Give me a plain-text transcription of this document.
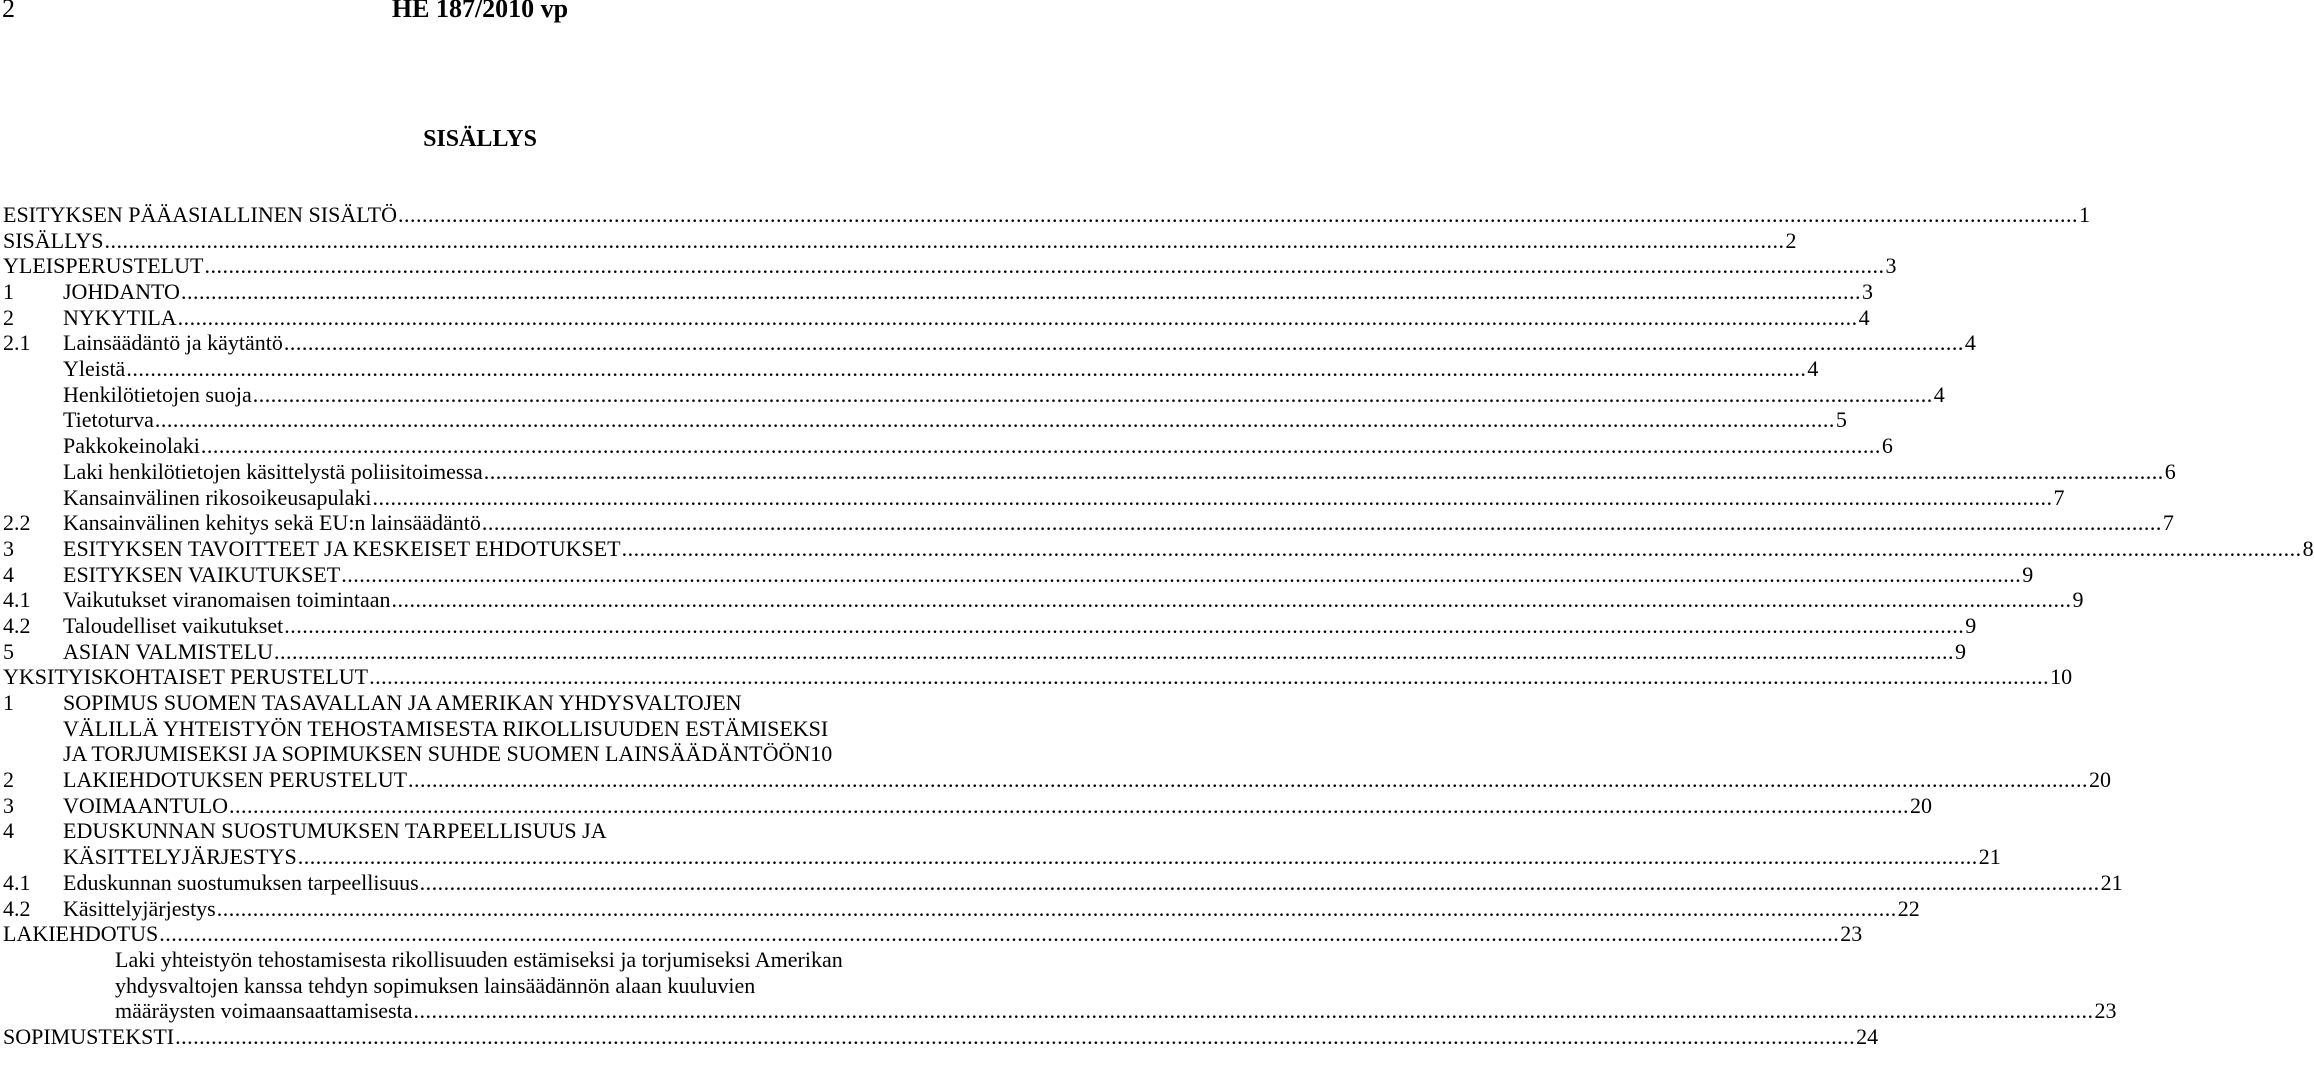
2	HE 187/2010 vp
SISÄLLYS
ESITYKSEN PÄÄASIALLINEN SISÄLTÖ .....	1
SISÄLLYS .....	2
YLEISPERUSTELUT .....	3
1	JOHDANTO .....	3
2	NYKYTILA .....	4
2.1	Lainsäädäntö ja käytäntö .....	4
Yleistä .....	4
Henkilötietojen suoja .....	4
Tietoturva .....	5
Pakkokeinolaki .....	6
Laki henkilötietojen käsittelystä poliisitoimessa .....	6
Kansainvälinen rikosoikeusapulaki .....	7
2.2	Kansainvälinen kehitys sekä EU:n lainsäädäntö .....	7
3	ESITYKSEN TAVOITTEET JA KESKEISET EHDOTUKSET .....	8
4	ESITYKSEN VAIKUTUKSET .....	9
4.1	Vaikutukset viranomaisen toimintaan .....	9
4.2	Taloudelliset vaikutukset .....	9
5	ASIAN VALMISTELU .....	9
YKSITYISKOHTAISET PERUSTELUT .....	10
1	SOPIMUS SUOMEN TASAVALLAN JA AMERIKAN YHDYSVALTOJEN
VÄLILLÄ YHTEISTYÖN TEHOSTAMISESTA RIKOLLISUUDEN ESTÄMISEKSI
JA TORJUMISEKSI JA SOPIMUKSEN SUHDE SUOMEN LAINSÄÄDÄNTÖÖN 10
2	LAKIEHDOTUKSEN PERUSTELUT .....	20
3	VOIMAANTULO .....	20
4	EDUSKUNNAN SUOSTUMUKSEN TARPEELLISUUS JA
KÄSITTELYJÄRJESTYS .....	21
4.1	Eduskunnan suostumuksen tarpeellisuus .....	21
4.2	Käsittelyjärjestys .....	22
LAKIEHDOTUS .....	23
Laki yhteistyön tehostamisesta rikollisuuden estämiseksi ja torjumiseksi Amerikan
yhdysvaltojen kanssa tehdyn sopimuksen lainsäädännön alaan kuuluvien
määräysten voimaansaattamisesta .....	23
SOPIMUSTEKSTI .....	24
